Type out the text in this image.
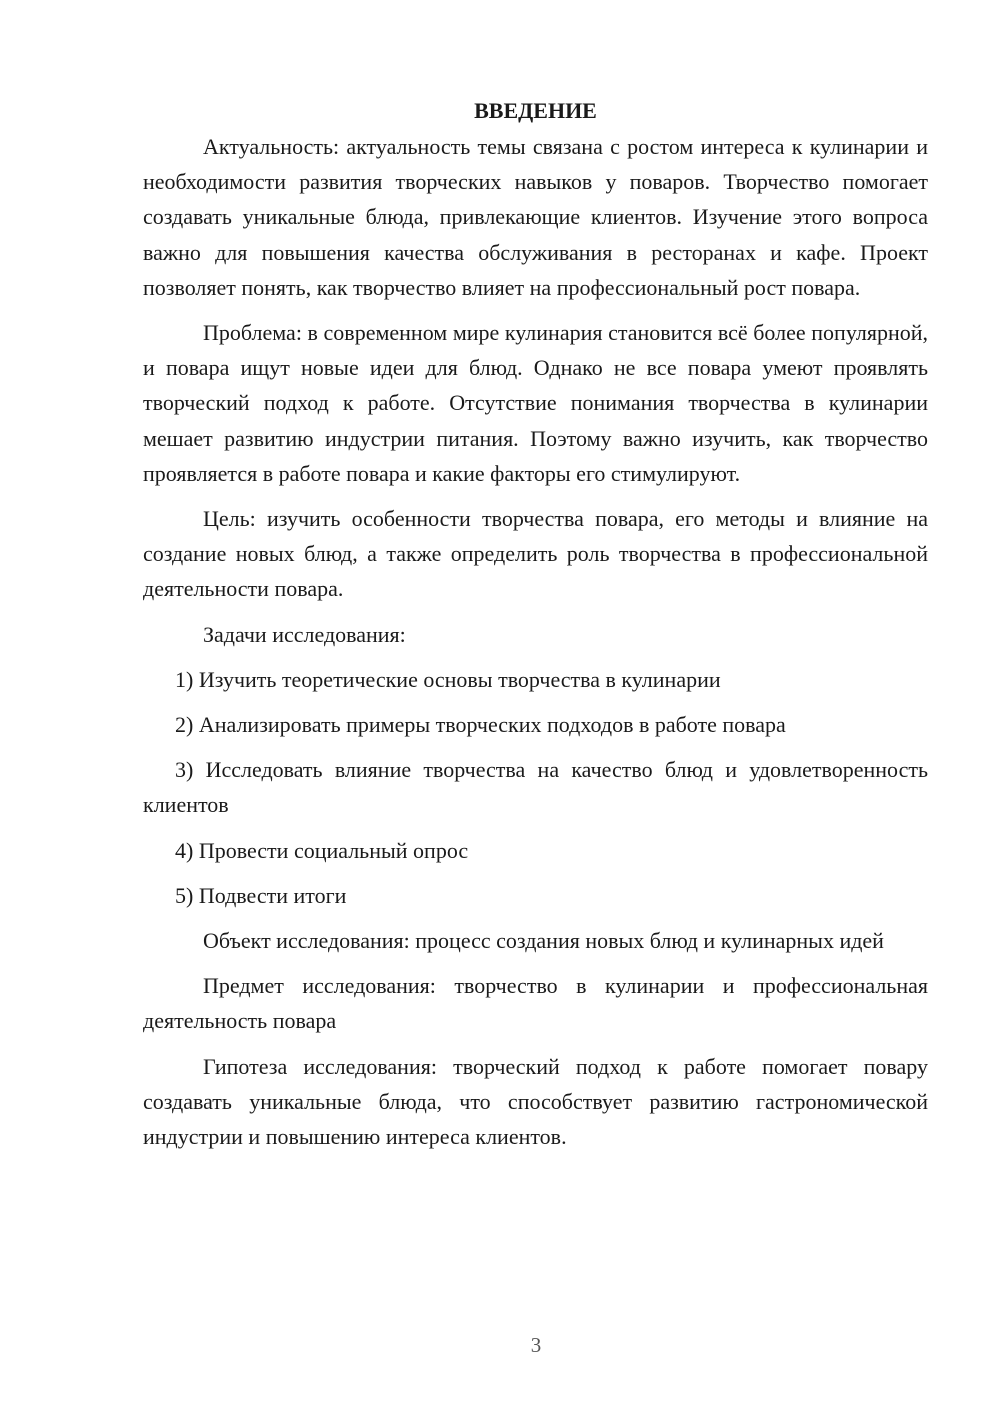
ВВЕДЕНИЕ

Актуальность: актуальность темы связана с ростом интереса к кулинарии и необходимости развития творческих навыков у поваров. Творчество помогает создавать уникальные блюда, привлекающие клиентов. Изучение этого вопроса важно для повышения качества обслуживания в ресторанах и кафе. Проект позволяет понять, как творчество влияет на профессиональный рост повара.

Проблема: в современном мире кулинария становится всё более популярной, и повара ищут новые идеи для блюд. Однако не все повара умеют проявлять творческий подход к работе. Отсутствие понимания творчества в кулинарии мешает развитию индустрии питания. Поэтому важно изучить, как творчество проявляется в работе повара и какие факторы его стимулируют.

Цель: изучить особенности творчества повара, его методы и влияние на создание новых блюд, а также определить роль творчества в профессиональной деятельности повара.

Задачи исследования:

1) Изучить теоретические основы творчества в кулинарии

2) Анализировать примеры творческих подходов в работе повара

3) Исследовать влияние творчества на качество блюд и удовлетворенность клиентов

4) Провести социальный опрос

5) Подвести итоги

Объект исследования: процесс создания новых блюд и кулинарных идей

Предмет исследования: творчество в кулинарии и профессиональная деятельность повара

Гипотеза исследования: творческий подход к работе помогает повару создавать уникальные блюда, что способствует развитию гастрономической индустрии и повышению интереса клиентов.

3
